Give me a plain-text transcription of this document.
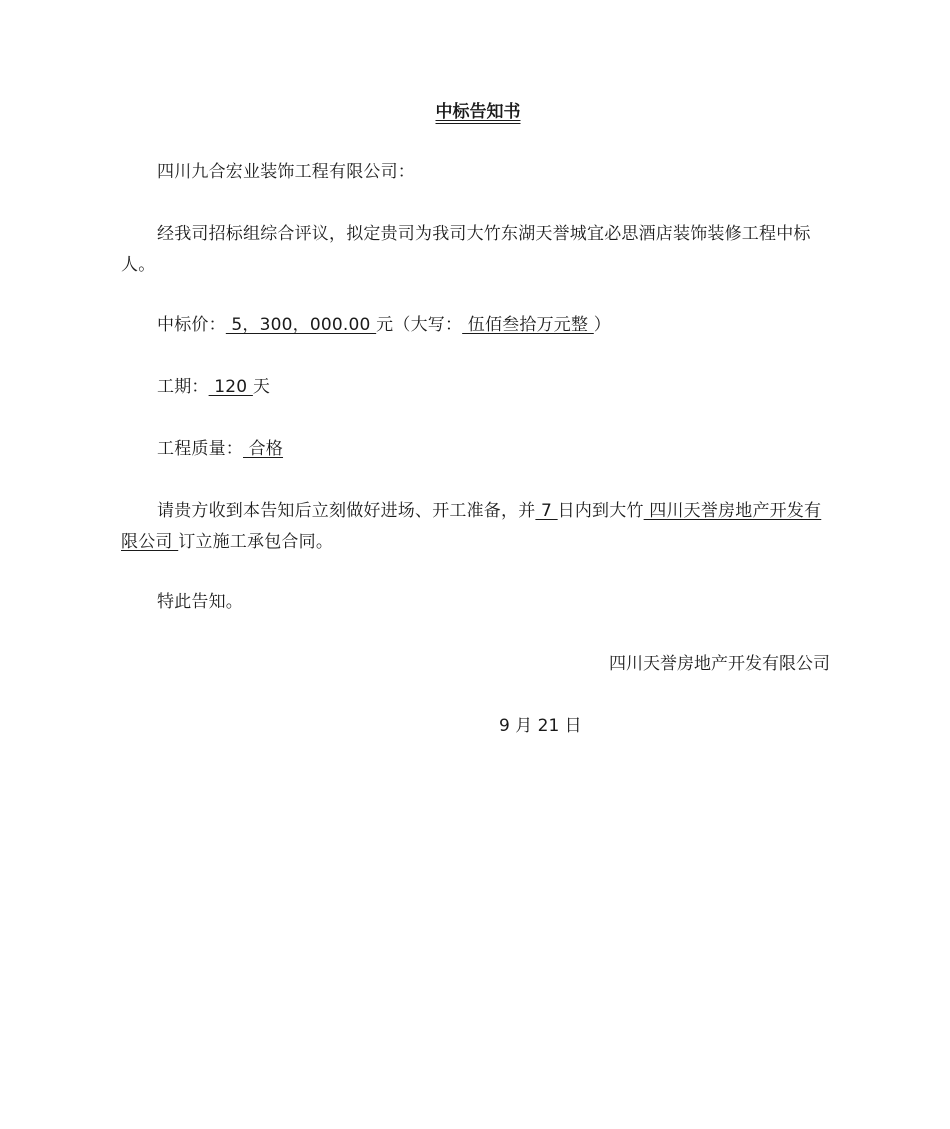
中标告知书
四川九合宏业装饰工程有限公司：
经我司招标组综合评议，拟定贵司为我司大竹东湖天誉城宜必思酒店装饰装修工程中标人。
中标价： 5，300，000.00 元（大写： 伍佰叁拾万元整 ）
工期： 120 天
工程质量： 合格
请贵方收到本告知后立刻做好进场、开工准备，并 7 日内到大竹 四川天誉房地产开发有限公司 订立施工承包合同。
特此告知。
四川天誉房地产开发有限公司
9 月 21 日
